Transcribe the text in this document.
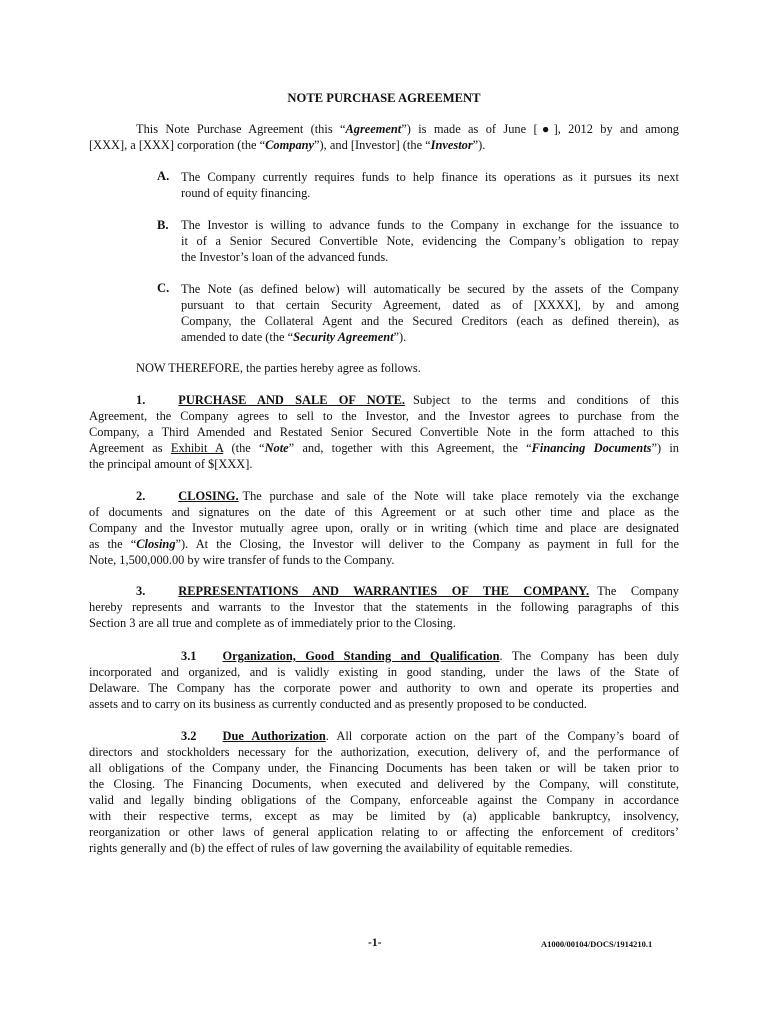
NOTE PURCHASE AGREEMENT

This Note Purchase Agreement (this “Agreement”) is made as of June [●], 2012 by and among

[XXX], a [XXX] corporation (the “Company”), and [Investor] (the “Investor”).

A. The Company currently requires funds to help finance its operations as it pursues its next

round of equity financing.

B. The Investor is willing to advance funds to the Company in exchange for the issuance to

it of a Senior Secured Convertible Note, evidencing the Company’s obligation to repay

the Investor’s loan of the advanced funds.

C. The Note (as defined below) will automatically be secured by the assets of the Company

pursuant to that certain Security Agreement, dated as of [XXXX], by and among

Company, the Collateral Agent and the Secured Creditors (each as defined therein), as

amended to date (the “Security Agreement”).

NOW THEREFORE, the parties hereby agree as follows.

1.	PURCHASE AND SALE OF NOTE. Subject to the terms and conditions of this

Agreement, the Company agrees to sell to the Investor, and the Investor agrees to purchase from the

Company, a Third Amended and Restated Senior Secured Convertible Note in the form attached to this

Agreement as Exhibit A (the “Note” and, together with this Agreement, the “Financing Documents”) in

the principal amount of $[XXX].

2.	CLOSING. The purchase and sale of the Note will take place remotely via the exchange

of documents and signatures on the date of this Agreement or at such other time and place as the

Company and the Investor mutually agree upon, orally or in writing (which time and place are designated

as the “Closing”). At the Closing, the Investor will deliver to the Company as payment in full for the

Note, 1,500,000.00 by wire transfer of funds to the Company.

3.	REPRESENTATIONS AND WARRANTIES OF THE COMPANY. The Company

hereby represents and warrants to the Investor that the statements in the following paragraphs of this

Section 3 are all true and complete as of immediately prior to the Closing.

3.1 Organization, Good Standing and Qualification. The Company has been duly

incorporated and organized, and is validly existing in good standing, under the laws of the State of

Delaware. The Company has the corporate power and authority to own and operate its properties and

assets and to carry on its business as currently conducted and as presently proposed to be conducted.

3.2 Due Authorization. All corporate action on the part of the Company’s board of

directors and stockholders necessary for the authorization, execution, delivery of, and the performance of

all obligations of the Company under, the Financing Documents has been taken or will be taken prior to

the Closing. The Financing Documents, when executed and delivered by the Company, will constitute,

valid and legally binding obligations of the Company, enforceable against the Company in accordance

with their respective terms, except as may be limited by (a) applicable bankruptcy, insolvency,

reorganization or other laws of general application relating to or affecting the enforcement of creditors’

rights generally and (b) the effect of rules of law governing the availability of equitable remedies.

-1-	A1000/00104/DOCS/1914210.1
